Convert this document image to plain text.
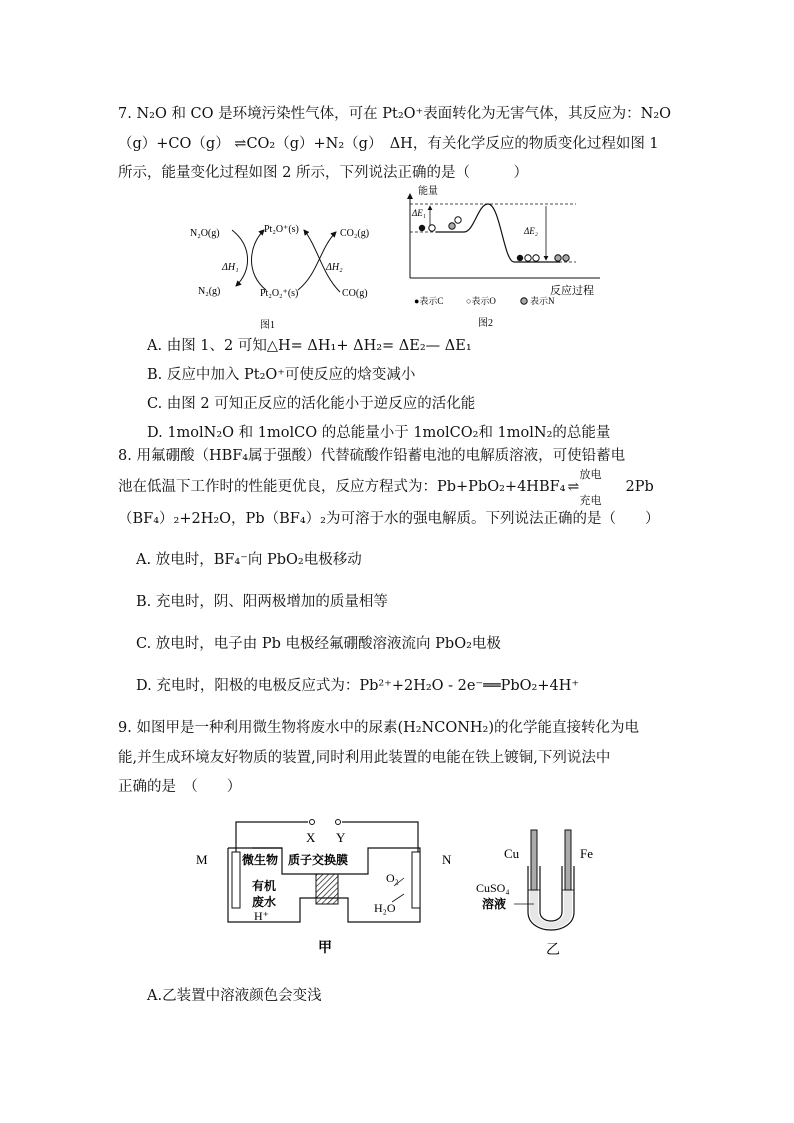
7. N₂O 和 CO 是环境污染性气体，可在 Pt₂O⁺表面转化为无害气体，其反应为：N₂O
（g）+CO（g） ⇌CO₂（g）+N₂（g）　ΔH，有关化学反应的物质变化过程如图 1
所示，能量变化过程如图 2 所示，下列说法正确的是（　　　）
N₂O(g)	Pt₂O⁺(s)	CO₂(g)
ΔH₁	ΔH₂
N₂(g)	Pt₂O₂⁺(s)	CO(g)
图1
能量
ΔE₁
ΔE₂
反应过程
●表示C	○表示O	表示N
图2
A. 由图 1、2 可知△H= ΔH₁+ ΔH₂= ΔE₂— ΔE₁
B. 反应中加入 Pt₂O⁺可使反应的焓变减小
C. 由图 2 可知正反应的活化能小于逆反应的活化能
D. 1molN₂O 和 1molCO 的总能量小于 1molCO₂和 1molN₂的总能量
8. 用氟硼酸（HBF₄属于强酸）代替硫酸作铅蓄电池的电解质溶液，可使铅蓄电
池在低温下工作时的性能更优良，反应方程式为：Pb+PbO₂+4HBF₄
放电
⇌
充电
2Pb
（BF₄）₂+2H₂O，Pb（BF₄）₂为可溶于水的强电解质。下列说法正确的是（　　）
A. 放电时，BF₄⁻向 PbO₂电极移动
B. 充电时，阴、阳两极增加的质量相等
C. 放电时，电子由 Pb 电极经氟硼酸溶液流向 PbO₂电极
D. 充电时，阳极的电极反应式为：Pb²⁺+2H₂O - 2e⁻══PbO₂+4H⁺
9. 如图甲是一种利用微生物将废水中的尿素(H₂NCONH₂)的化学能直接转化为电
能,并生成环境友好物质的装置,同时利用此装置的电能在铁上镀铜,下列说法中
正确的是　（　　）
X Y
M	N
微生物 质子交换膜
有机
废水
H⁺
O₂
H₂O
甲
Cu	Fe
CuSO₄
溶液
乙
A.乙装置中溶液颜色会变浅
